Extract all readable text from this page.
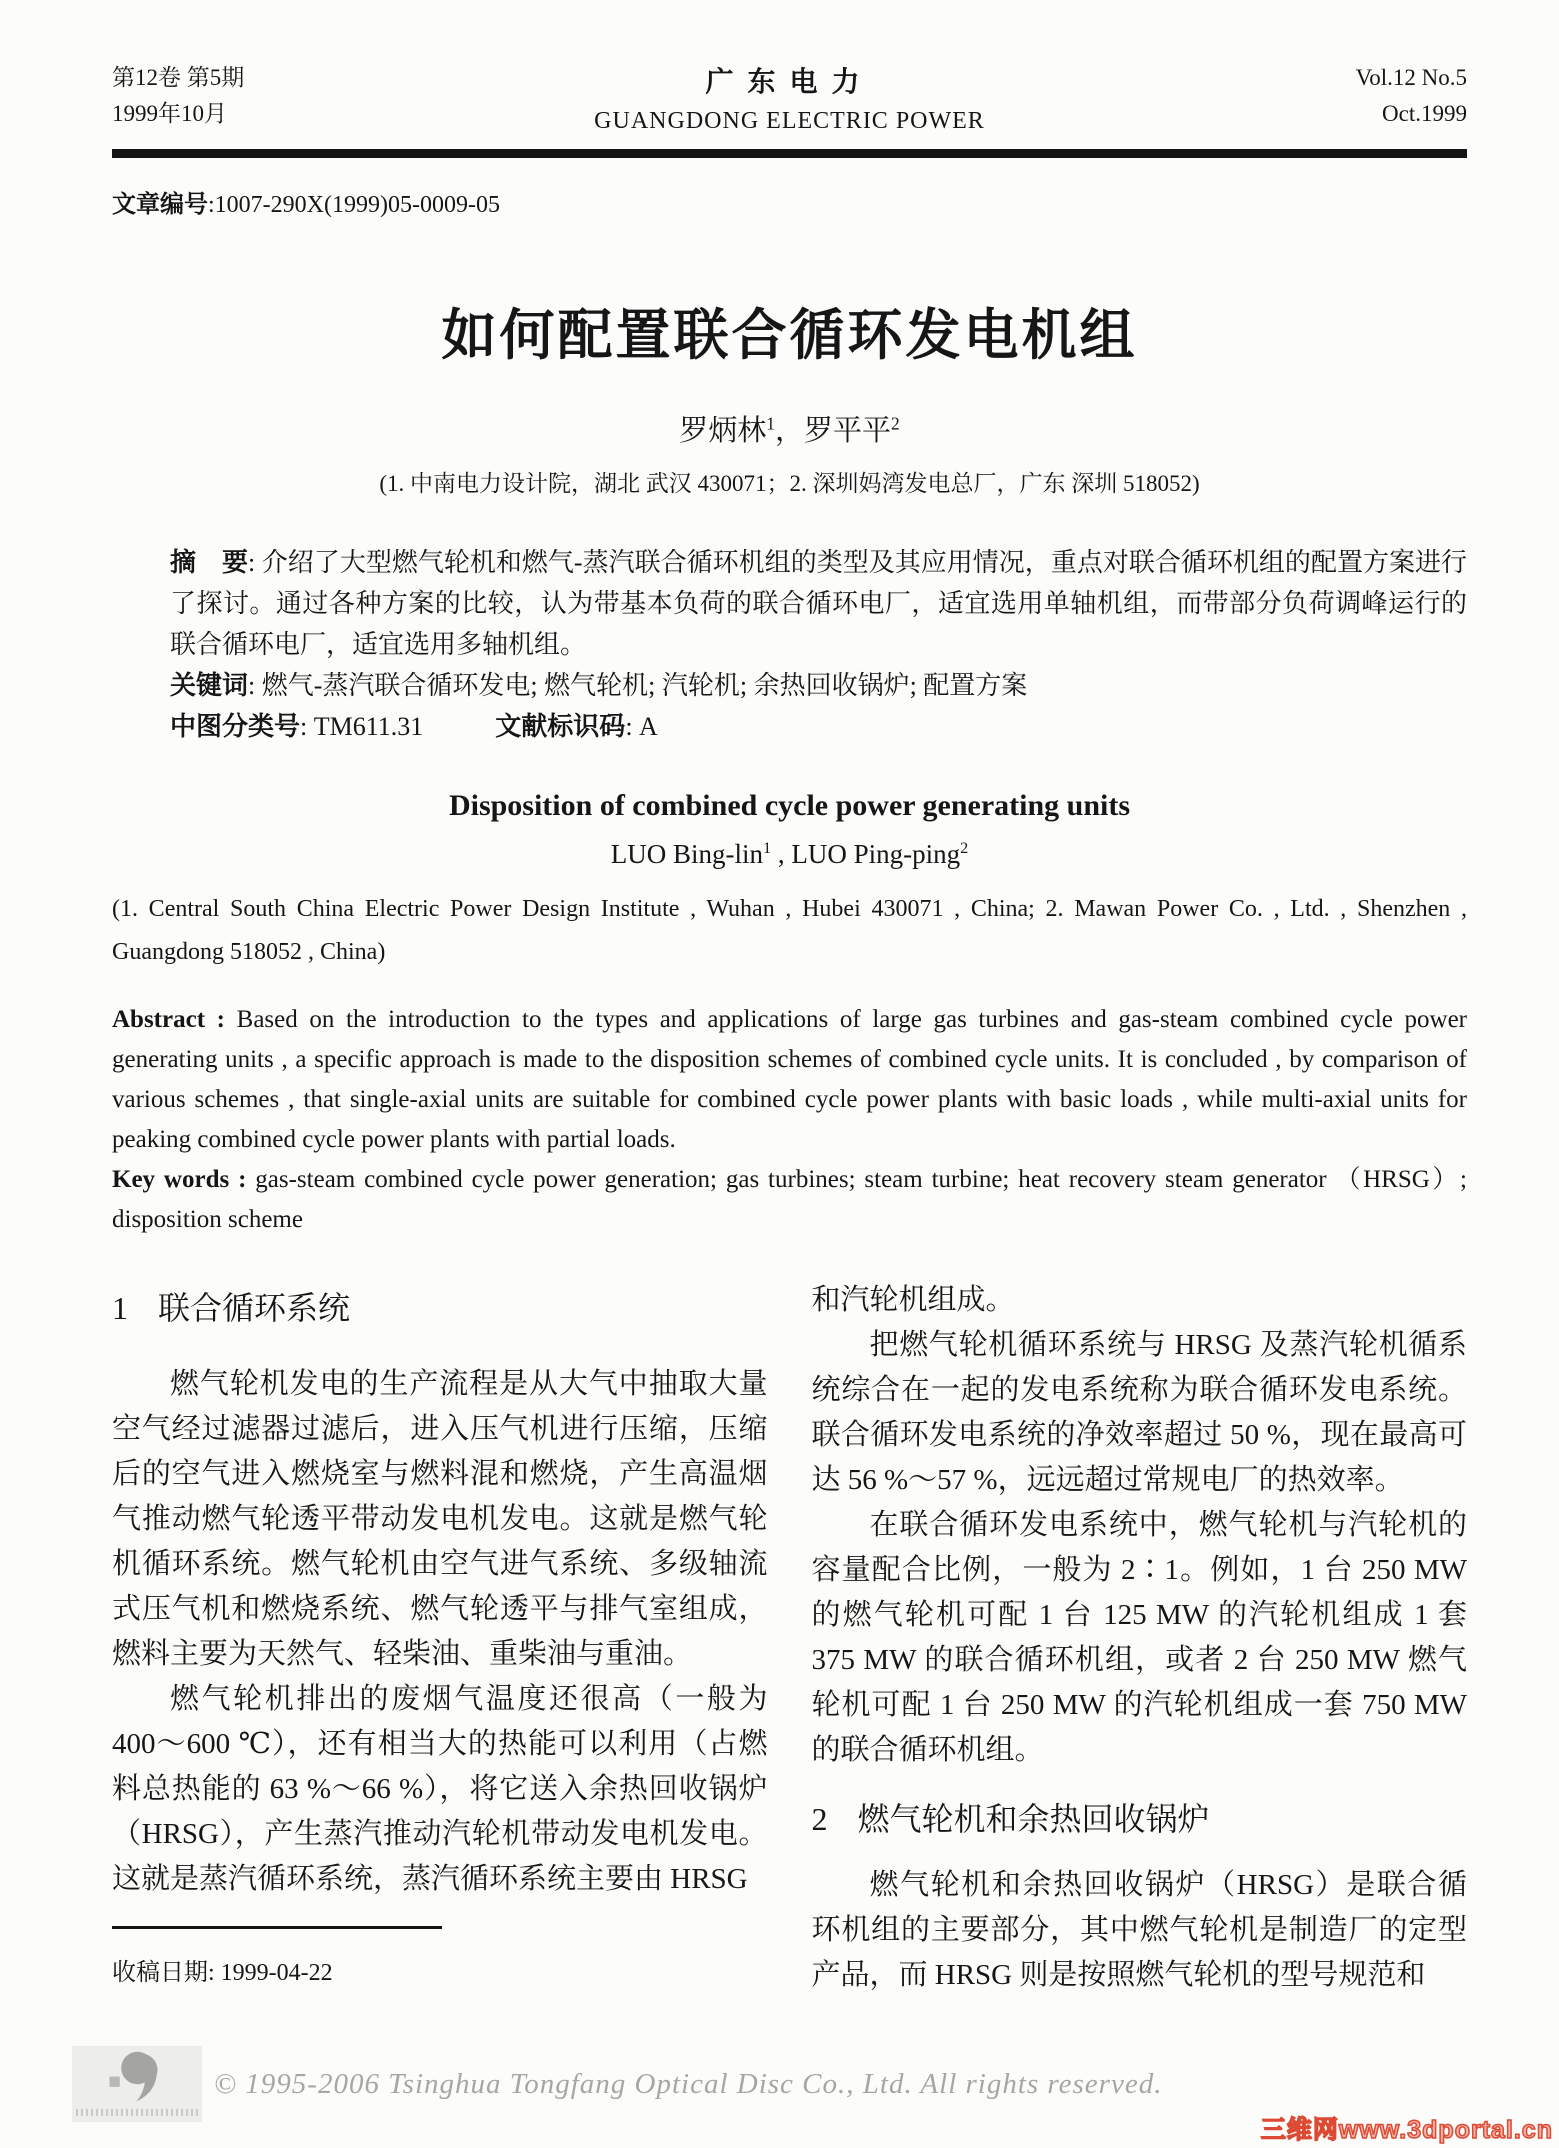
第12卷 第5期
1999年10月
广东电力
GUANGDONG ELECTRIC POWER
Vol.12 No.5
Oct.1999
文章编号:1007-290X(1999)05-0009-05
如何配置联合循环发电机组
罗炳林$^1$，罗平平$^2$
(1. 中南电力设计院，湖北 武汉 430071；2. 深圳妈湾发电总厂，广东 深圳 518052)

摘　要: 介绍了大型燃气轮机和燃气-蒸汽联合循环机组的类型及其应用情况，重点对联合循环机组的配置方案进行了探讨。通过各种方案的比较，认为带基本负荷的联合循环电厂，适宜选用单轴机组，而带部分负荷调峰运行的联合循环电厂，适宜选用多轴机组。

关键词: 燃气-蒸汽联合循环发电; 燃气轮机; 汽轮机; 余热回收锅炉; 配置方案

中图分类号: TM611.31	文献标识码: A

Disposition of combined cycle power generating units
LUO Bing-lin$^1$ , LUO Ping-ping$^2$
(1. Central South China Electric Power Design Institute , Wuhan , Hubei 430071 , China; 2. Mawan Power Co. , Ltd. , Shenzhen , Guangdong 518052 , China)
Abstract : Based on the introduction to the types and applications of large gas turbines and gas-steam combined cycle power generating units , a specific approach is made to the disposition schemes of combined cycle units. It is concluded , by comparison of various schemes , that single-axial units are suitable for combined cycle power plants with basic loads , while multi-axial units for peaking combined cycle power plants with partial loads.
Key words : gas-steam combined cycle power generation; gas turbines; steam turbine; heat recovery steam generator （HRSG）; disposition scheme
1 联合循环系统

燃气轮机发电的生产流程是从大气中抽取大量空气经过滤器过滤后，进入压气机进行压缩，压缩后的空气进入燃烧室与燃料混和燃烧，产生高温烟气推动燃气轮透平带动发电机发电。这就是燃气轮机循环系统。燃气轮机由空气进气系统、多级轴流式压气机和燃烧系统、燃气轮透平与排气室组成，燃料主要为天然气、轻柴油、重柴油与重油。

燃气轮机排出的废烟气温度还很高（一般为 400～600 ℃），还有相当大的热能可以利用（占燃料总热能的 63 %～66 %），将它送入余热回收锅炉（HRSG），产生蒸汽推动汽轮机带动发电机发电。这就是蒸汽循环系统，蒸汽循环系统主要由 HRSG

收稿日期: 1999-04-22

和汽轮机组成。

把燃气轮机循环系统与 HRSG 及蒸汽轮机循系统综合在一起的发电系统称为联合循环发电系统。联合循环发电系统的净效率超过 50 %，现在最高可达 56 %～57 %，远远超过常规电厂的热效率。

在联合循环发电系统中，燃气轮机与汽轮机的容量配合比例，一般为 2∶1。例如，1 台 250 MW 的燃气轮机可配 1 台 125 MW 的汽轮机组成 1 套 375 MW 的联合循环机组，或者 2 台 250 MW 燃气轮机可配 1 台 250 MW 的汽轮机组成一套 750 MW 的联合循环机组。

2 燃气轮机和余热回收锅炉

燃气轮机和余热回收锅炉（HRSG）是联合循环机组的主要部分，其中燃气轮机是制造厂的定型产品，而 HRSG 则是按照燃气轮机的型号规范和

© 1995-2006 Tsinghua Tongfang Optical Disc Co., Ltd. All rights reserved.
三维网www.3dportal.cn
